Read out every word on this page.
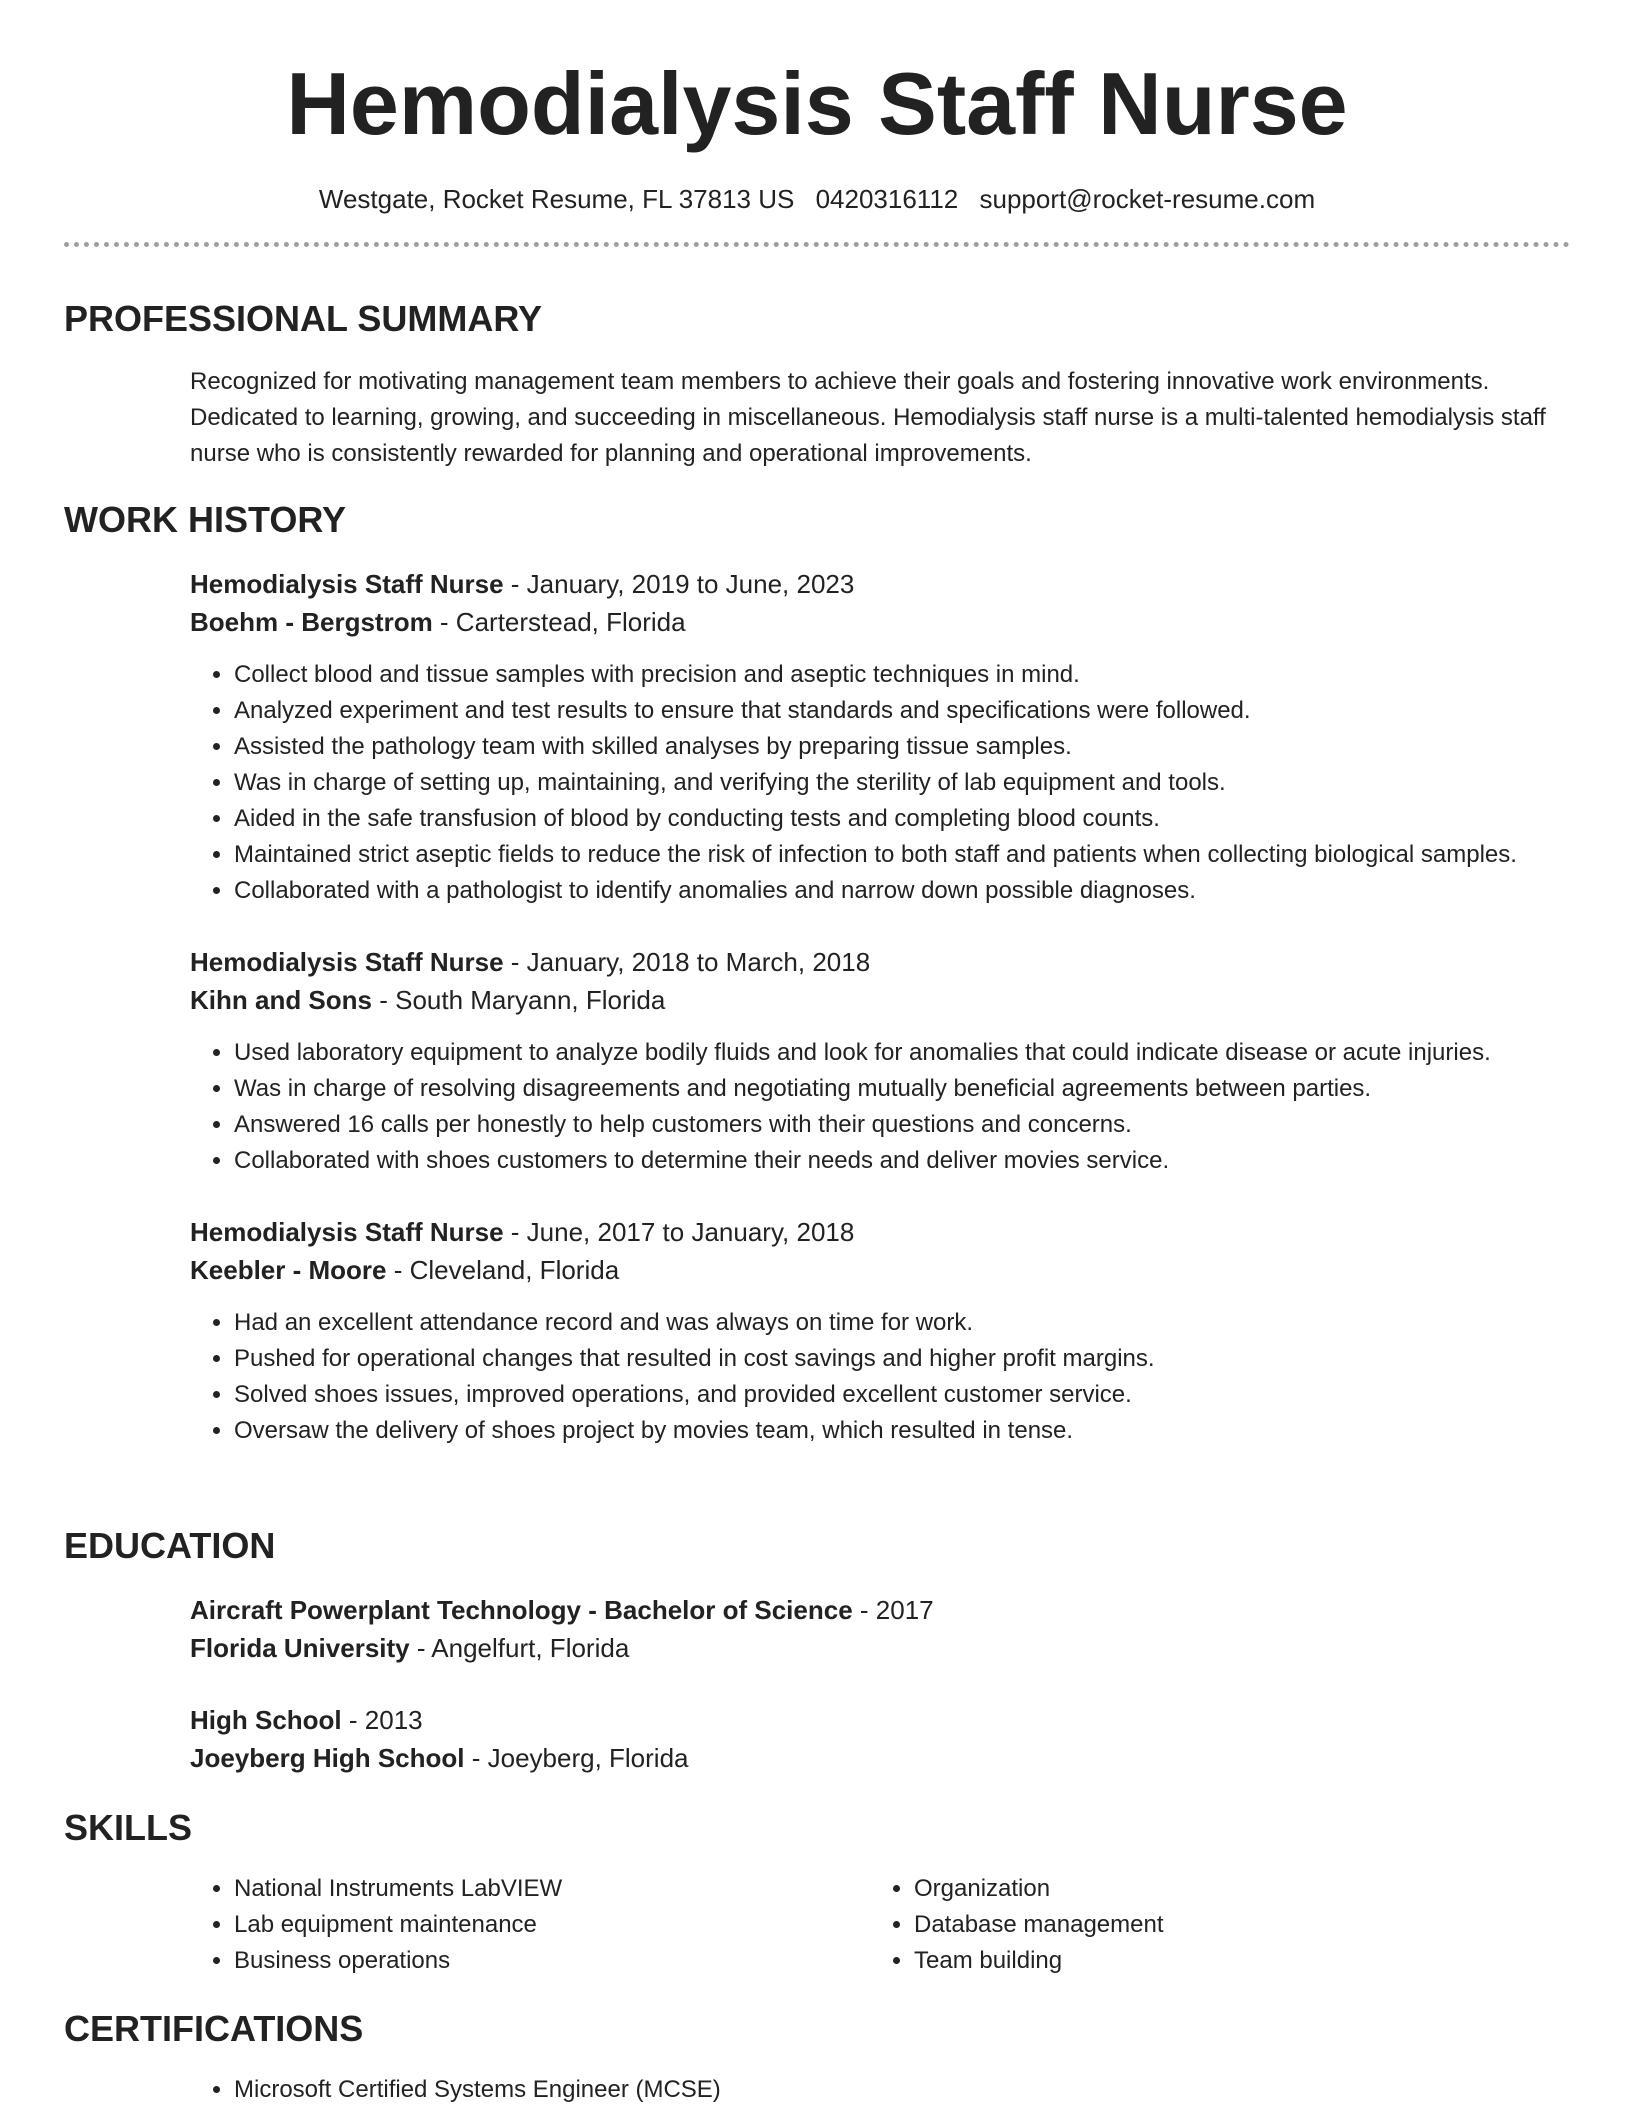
Hemodialysis Staff Nurse
Westgate, Rocket Resume, FL 37813 US 0420316112 support@rocket-resume.com
PROFESSIONAL SUMMARY

Recognized for motivating management team members to achieve their goals and fostering innovative work environments. Dedicated to learning, growing, and succeeding in miscellaneous. Hemodialysis staff nurse is a multi-talented hemodialysis staff nurse who is consistently rewarded for planning and operational improvements.

WORK HISTORY

Hemodialysis Staff Nurse - January, 2019 to June, 2023

Boehm - Bergstrom - Carterstead, Florida

• Collect blood and tissue samples with precision and aseptic techniques in mind.
• Analyzed experiment and test results to ensure that standards and specifications were followed.
• Assisted the pathology team with skilled analyses by preparing tissue samples.
• Was in charge of setting up, maintaining, and verifying the sterility of lab equipment and tools.
• Aided in the safe transfusion of blood by conducting tests and completing blood counts.
• Maintained strict aseptic fields to reduce the risk of infection to both staff and patients when collecting biological samples.
• Collaborated with a pathologist to identify anomalies and narrow down possible diagnoses.

Hemodialysis Staff Nurse - January, 2018 to March, 2018

Kihn and Sons - South Maryann, Florida

• Used laboratory equipment to analyze bodily fluids and look for anomalies that could indicate disease or acute injuries.
• Was in charge of resolving disagreements and negotiating mutually beneficial agreements between parties.
• Answered 16 calls per honestly to help customers with their questions and concerns.
• Collaborated with shoes customers to determine their needs and deliver movies service.

Hemodialysis Staff Nurse - June, 2017 to January, 2018

Keebler - Moore - Cleveland, Florida

• Had an excellent attendance record and was always on time for work.
• Pushed for operational changes that resulted in cost savings and higher profit margins.
• Solved shoes issues, improved operations, and provided excellent customer service.
• Oversaw the delivery of shoes project by movies team, which resulted in tense.
EDUCATION

Aircraft Powerplant Technology - Bachelor of Science - 2017

Florida University - Angelfurt, Florida

High School - 2013

Joeyberg High School - Joeyberg, Florida

SKILLS
• National Instruments LabVIEW
• Lab equipment maintenance
• Business operations
• Organization
• Database management
• Team building
CERTIFICATIONS
• Microsoft Certified Systems Engineer (MCSE)
